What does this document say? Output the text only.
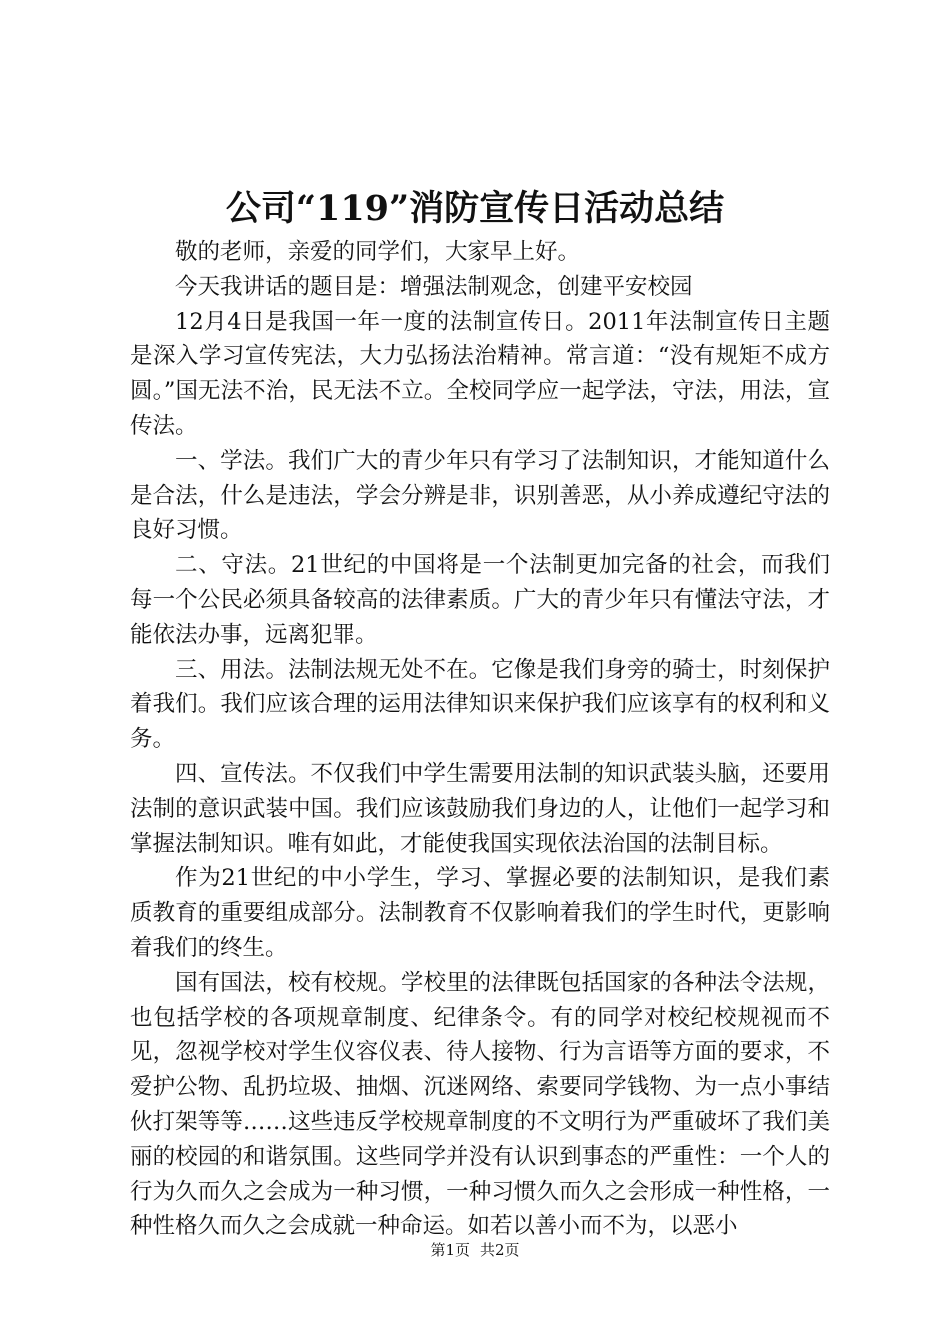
公司“119”消防宣传日活动总结

敬的老师，亲爱的同学们，大家早上好。

今天我讲话的题目是：增强法制观念，创建平安校园

12月4日是我国一年一度的法制宣传日。2011年法制宣传日主题是深入学习宣传宪法，大力弘扬法治精神。常言道：“没有规矩不成方圆。”国无法不治，民无法不立。全校同学应一起学法，守法，用法，宣传法。

一、学法。我们广大的青少年只有学习了法制知识，才能知道什么是合法，什么是违法，学会分辨是非，识别善恶，从小养成遵纪守法的良好习惯。

二、守法。21世纪的中国将是一个法制更加完备的社会，而我们每一个公民必须具备较高的法律素质。广大的青少年只有懂法守法，才能依法办事，远离犯罪。

三、用法。法制法规无处不在。它像是我们身旁的骑士，时刻保护着我们。我们应该合理的运用法律知识来保护我们应该享有的权利和义务。

四、宣传法。不仅我们中学生需要用法制的知识武装头脑，还要用法制的意识武装中国。我们应该鼓励我们身边的人，让他们一起学习和掌握法制知识。唯有如此，才能使我国实现依法治国的法制目标。

作为21世纪的中小学生，学习、掌握必要的法制知识，是我们素质教育的重要组成部分。法制教育不仅影响着我们的学生时代，更影响着我们的终生。

国有国法，校有校规。学校里的法律既包括国家的各种法令法规，也包括学校的各项规章制度、纪律条令。有的同学对校纪校规视而不见，忽视学校对学生仪容仪表、待人接物、行为言语等方面的要求，不爱护公物、乱扔垃圾、抽烟、沉迷网络、索要同学钱物、为一点小事结伙打架等等……这些违反学校规章制度的不文明行为严重破坏了我们美丽的校园的和谐氛围。这些同学并没有认识到事态的严重性：一个人的行为久而久之会成为一种习惯，一种习惯久而久之会形成一种性格，一种性格久而久之会成就一种命运。如若以善小而不为，以恶小

第1页 共2页
